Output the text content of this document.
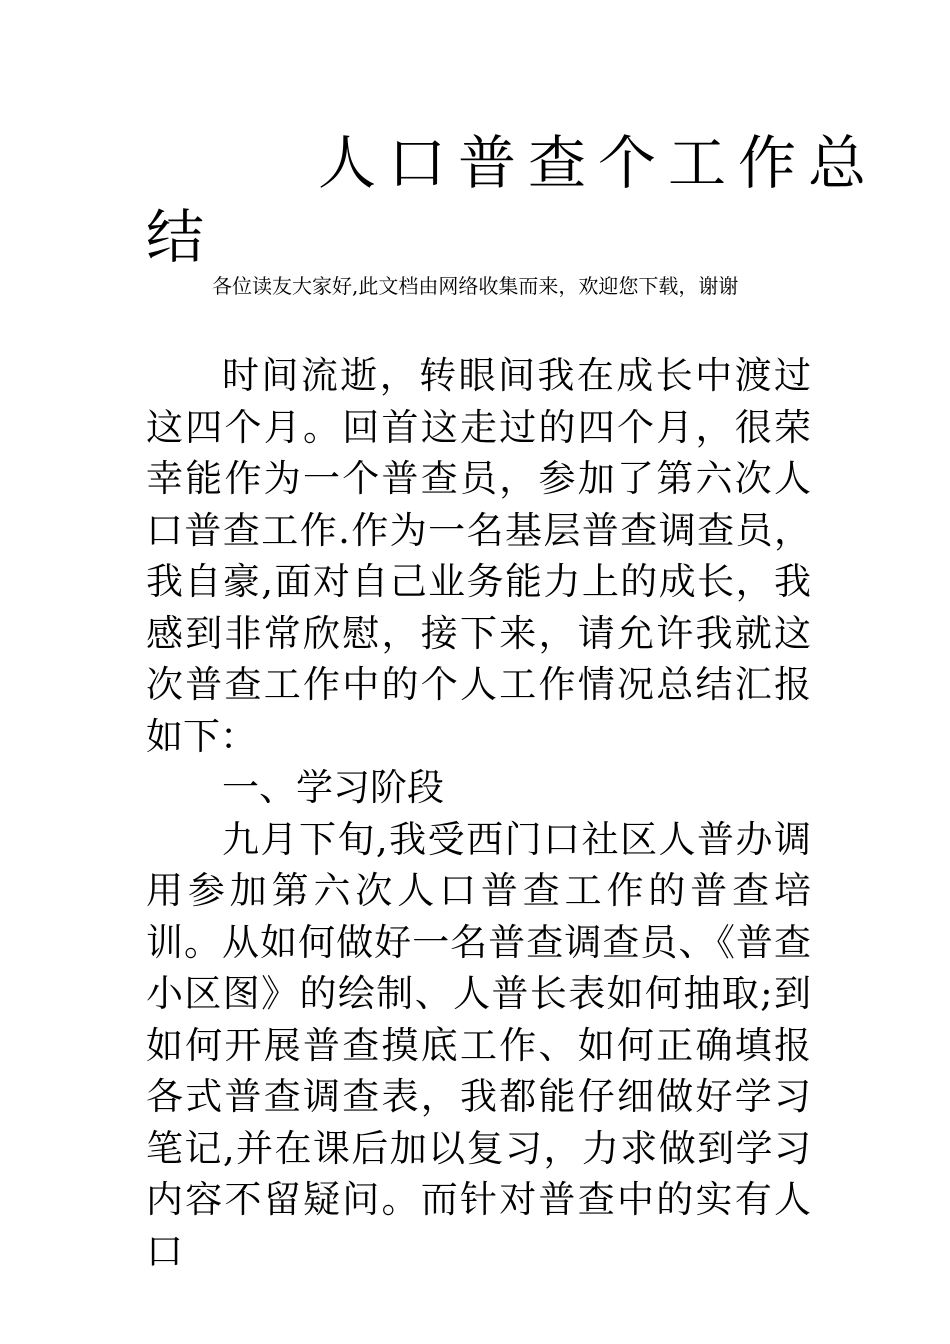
人口普查个工作总
结
各位读友大家好,此文档由网络收集而来，欢迎您下载，谢谢

时间流逝，转眼间我在成长中渡过这四个月。回首这走过的四个月，很荣幸能作为一个普查员，参加了第六次人口普查工作.作为一名基层普查调查员，我自豪,面对自己业务能力上的成长，我感到非常欣慰，接下来，请允许我就这次普查工作中的个人工作情况总结汇报如下：

一、学习阶段

九月下旬,我受西门口社区人普办调用参加第六次人口普查工作的普查培训。从如何做好一名普查调查员、《普查小区图》的绘制、人普长表如何抽取;到如何开展普查摸底工作、如何正确填报各式普查调查表，我都能仔细做好学习笔记,并在课后加以复习，力求做到学习内容不留疑问。而针对普查中的实有人口
